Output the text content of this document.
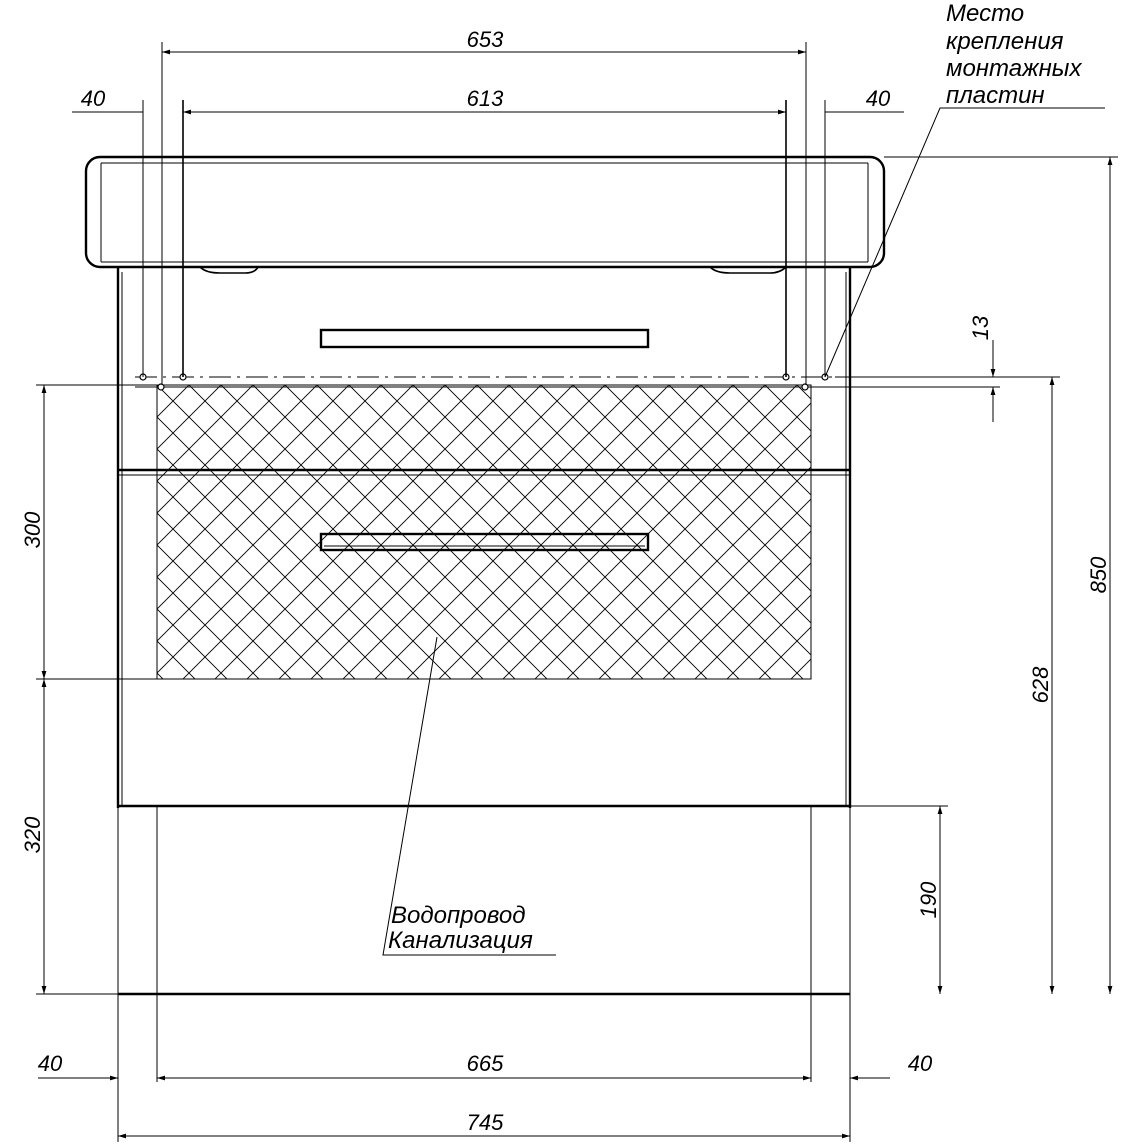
653
613
40	40
13
850
628
300
320
190
665
40	40
745
Место
крепления
монтажных
пластин
Водопровод
Канализация
